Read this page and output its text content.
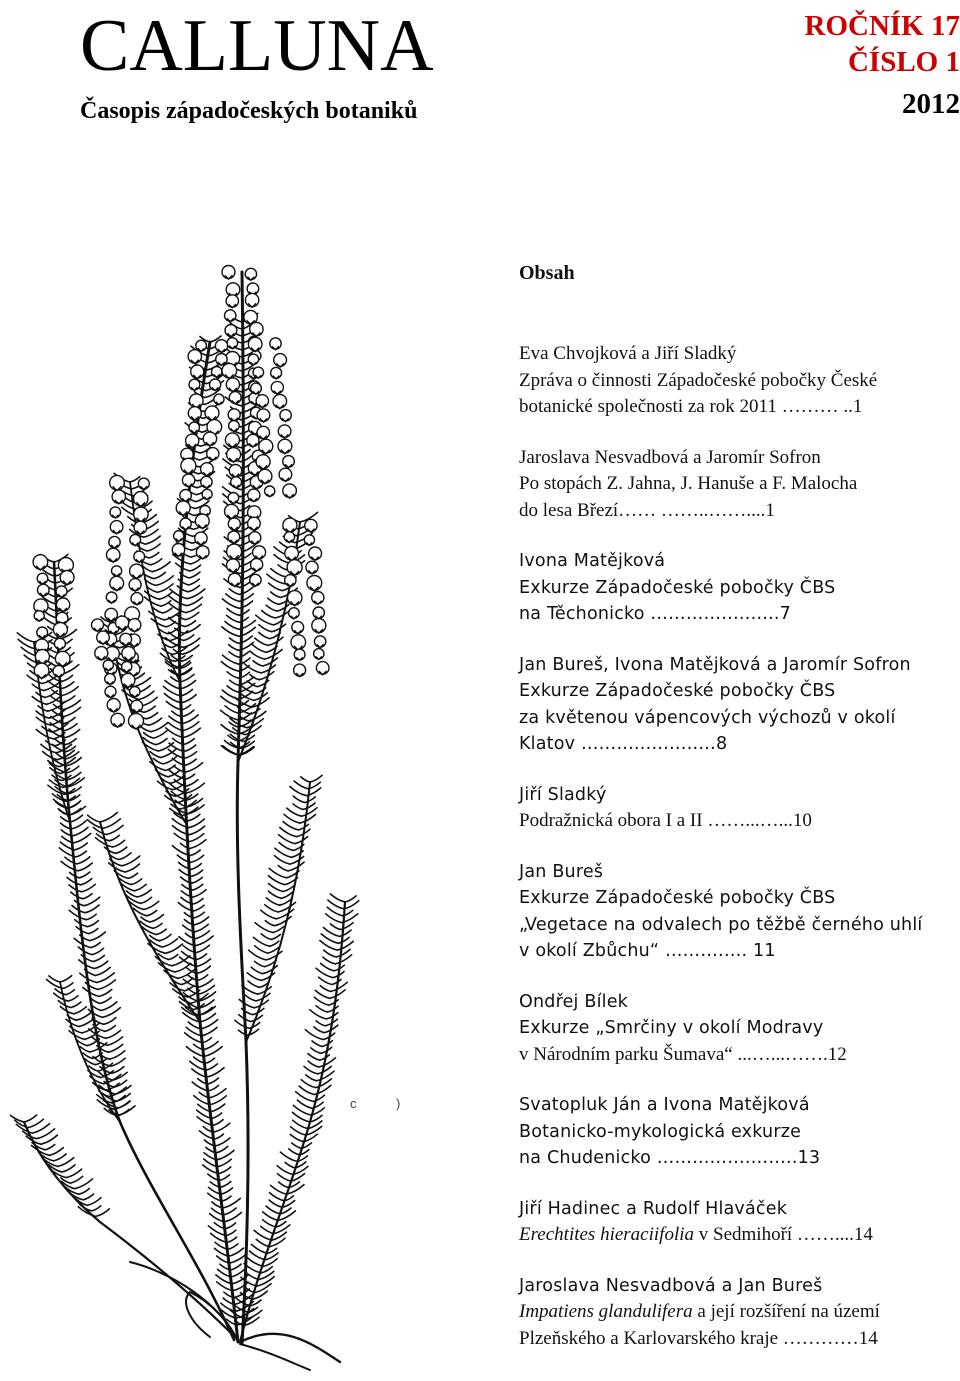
CALLUNA
Časopis západočeských botaniků
ROČNÍK 17
ČÍSLO 1
2012
c	)
Obsah
Eva Chvojková a Jiří Sladký
Zpráva o činnosti Západočeské pobočky České
botanické společnosti za rok 2011 ……… ..1
Jaroslava Nesvadbová a Jaromír Sofron
Po stopách Z. Jahna, J. Hanuše a F. Malocha
do lesa Březí…… ……..……....1
Ivona Matějková
Exkurze Západočeské pobočky ČBS
na Těchonicko ……………..…..7
Jan Bureš, Ivona Matějková a Jaromír Sofron
Exkurze Západočeské pobočky ČBS
za květenou vápencových výchozů v okolí
Klatov ………...……..…8
Jiří Sladký
Podražnická obora I a II ……...…...10
Jan Bureš
Exkurze Západočeské pobočky ČBS
„Vegetace na odvalech po těžbě černého uhlí
v okolí Zbůchu“ ……….…. 11
Ondřej Bílek
Exkurze „Smrčiny v okolí Modravy
v Národním parku Šumava“ ...…...…….12
Svatopluk Ján a Ivona Matějková
Botanicko-mykologická exkurze
na Chudenicko ……...…….……..13
Jiří Hadinec a Rudolf Hlaváček
Erechtites hieraciifolia v Sedmihoří ……....14
Jaroslava Nesvadbová a Jan Bureš
Impatiens glandulifera a její rozšíření na území
Plzeňského a Karlovarského kraje …………14
